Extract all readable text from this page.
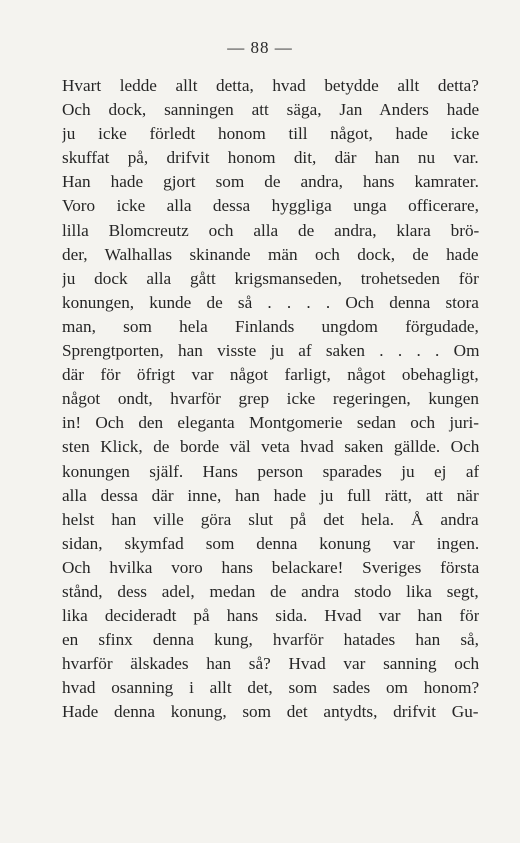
— 88 —
Hvart ledde allt detta, hvad betydde allt detta?
Och dock, sanningen att säga, Jan Anders hade
ju icke förledt honom till något, hade icke
skuffat på, drifvit honom dit, där han nu var.
Han hade gjort som de andra, hans kamrater.
Voro icke alla dessa hyggliga unga officerare,
lilla Blomcreutz och alla de andra, klara brö-
der, Walhallas skinande män och dock, de hade
ju dock alla gått krigsmanseden, trohetseden för
konungen, kunde de så . . . . Och denna stora
man, som hela Finlands ungdom förgudade,
Sprengtporten, han visste ju af saken . . . . Om
där för öfrigt var något farligt, något obehagligt,
något ondt, hvarför grep icke regeringen, kungen
in! Och den eleganta Montgomerie sedan och juri-
sten Klick, de borde väl veta hvad saken gällde. Och
konungen själf. Hans person sparades ju ej af
alla dessa där inne, han hade ju full rätt, att när
helst han ville göra slut på det hela. Å andra
sidan, skymfad som denna konung var ingen.
Och hvilka voro hans belackare! Sveriges första
stånd, dess adel, medan de andra stodo lika segt,
lika decideradt på hans sida. Hvad var han för
en sfinx denna kung, hvarför hatades han så,
hvarför älskades han så? Hvad var sanning och
hvad osanning i allt det, som sades om honom?
Hade denna konung, som det antydts, drifvit Gu-
